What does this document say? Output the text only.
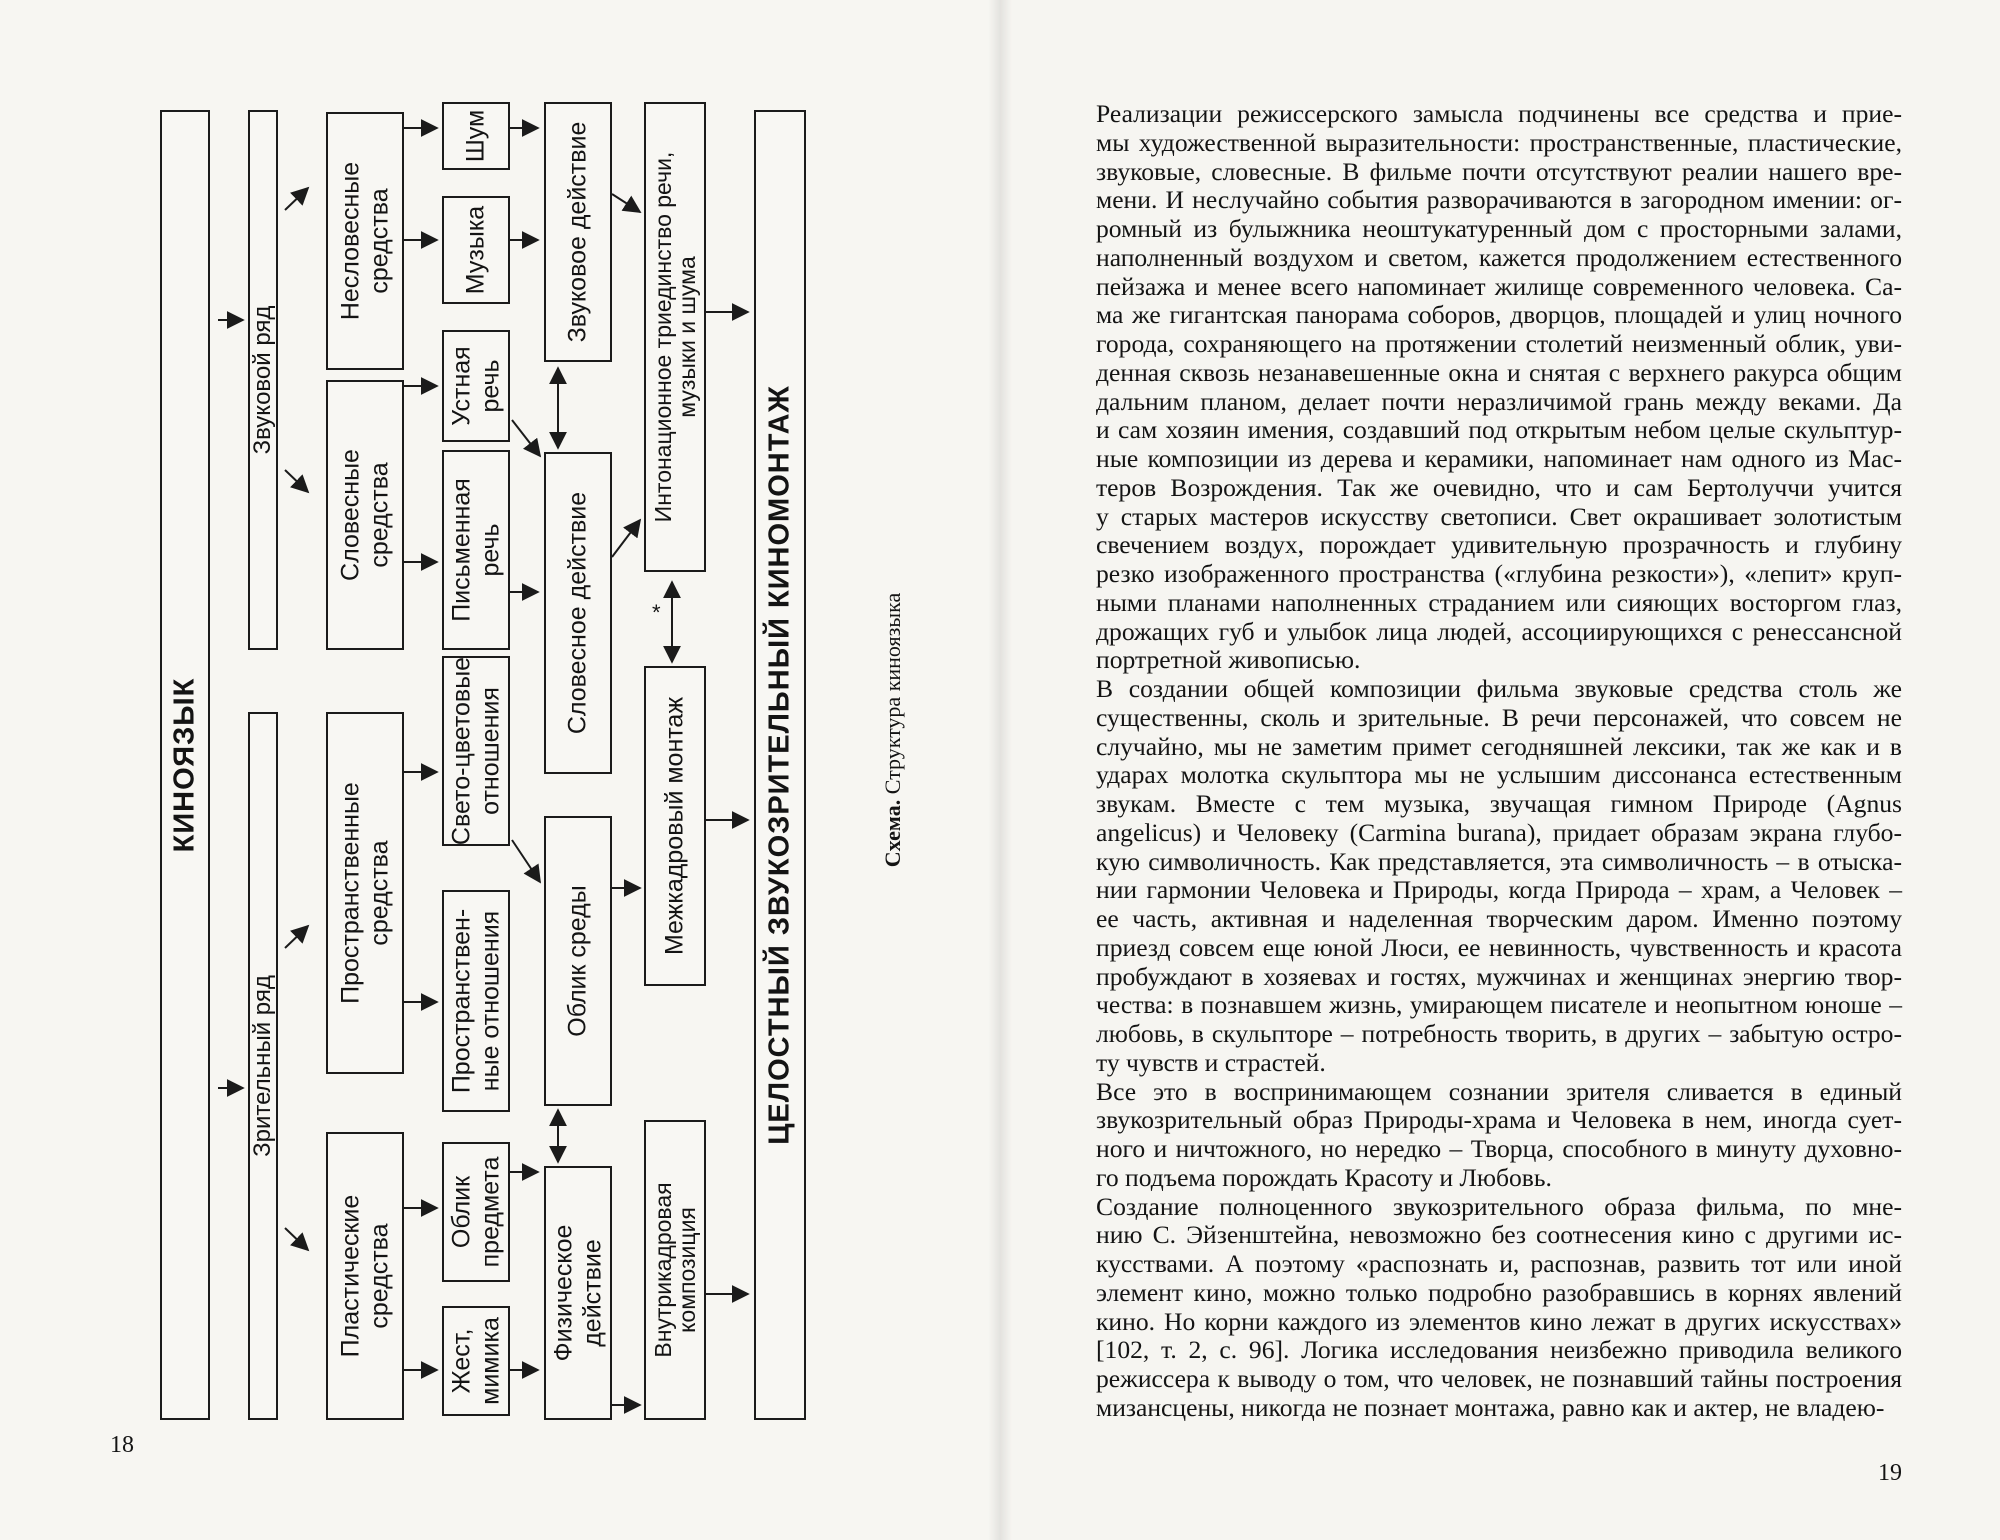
КИНОЯЗЫК
Звуковой ряд
Зрительный ряд
Несловесные
средства
Словесные
средства
Пространственные
средства
Пластические
средства
Шум
Музыка
Устная
речь
Письменная
речь
Свето-цветовые
отношения
Пространствен-
ные отношения
Облик
предмета
Жест,
мимика
Звуковое действие
Словесное действие
Облик среды
Физическое
действие
Интонационное триединство речи,
музыки и шума
Межкадровый монтаж
Внутрикадровая
композиция
ЦЕЛОСТНЫЙ ЗВУКОЗРИТЕЛЬНЫЙ КИНОМОНТАЖ
*
Схема. Структура киноязыка
18
19

Реализации режиссерского замысла подчинены все средства и прие-
мы художественной выразительности: пространственные, пластические,
звуковые, словесные. В фильме почти отсутствуют реалии нашего вре-
мени. И неслучайно события разворачиваются в загородном имении: ог-
ромный из булыжника неоштукатуренный дом с просторными залами,
наполненный воздухом и светом, кажется продолжением естественного
пейзажа и менее всего напоминает жилище современного человека. Са-
ма же гигантская панорама соборов, дворцов, площадей и улиц ночного
города, сохраняющего на протяжении столетий неизменный облик, уви-
денная сквозь незанавешенные окна и снятая с верхнего ракурса общим
дальним планом, делает почти неразличимой грань между веками. Да
и сам хозяин имения, создавший под открытым небом целые скульптур-
ные композиции из дерева и керамики, напоминает нам одного из Мас-
теров Возрождения. Так же очевидно, что и сам Бертолуччи учится
у старых мастеров искусству светописи. Свет окрашивает золотистым
свечением воздух, порождает удивительную прозрачность и глубину
резко изображенного пространства («глубина резкости»), «лепит» круп-
ными планами наполненных страданием или сияющих восторгом глаз,
дрожащих губ и улыбок лица людей, ассоциирующихся с ренессансной
портретной живописью.

В создании общей композиции фильма звуковые средства столь же
существенны, сколь и зрительные. В речи персонажей, что совсем не
случайно, мы не заметим примет сегодняшней лексики, так же как и в
ударах молотка скульптора мы не услышим диссонанса естественным
звукам. Вместе с тем музыка, звучащая гимном Природе (Agnus
angelicus) и Человеку (Carmina burana), придает образам экрана глубо-
кую символичность. Как представляется, эта символичность – в отыска-
нии гармонии Человека и Природы, когда Природа – храм, а Человек –
ее часть, активная и наделенная творческим даром. Именно поэтому
приезд совсем еще юной Люси, ее невинность, чувственность и красота
пробуждают в хозяевах и гостях, мужчинах и женщинах энергию твор-
чества: в познавшем жизнь, умирающем писателе и неопытном юноше –
любовь, в скульпторе – потребность творить, в других – забытую остро-
ту чувств и страстей.

Все это в воспринимающем сознании зрителя сливается в единый
звукозрительный образ Природы-храма и Человека в нем, иногда сует-
ного и ничтожного, но нередко – Творца, способного в минуту духовно-
го подъема порождать Красоту и Любовь.

Создание полноценного звукозрительного образа фильма, по мне-
нию С. Эйзенштейна, невозможно без соотнесения кино с другими ис-
кусствами. А поэтому «распознать и, распознав, развить тот или иной
элемент кино, можно только подробно разобравшись в корнях явлений
кино. Но корни каждого из элементов кино лежат в других искусствах»
[102, т. 2, с. 96]. Логика исследования неизбежно приводила великого
режиссера к выводу о том, что человек, не познавший тайны построения
мизансцены, никогда не познает монтажа, равно как и актер, не владею-
